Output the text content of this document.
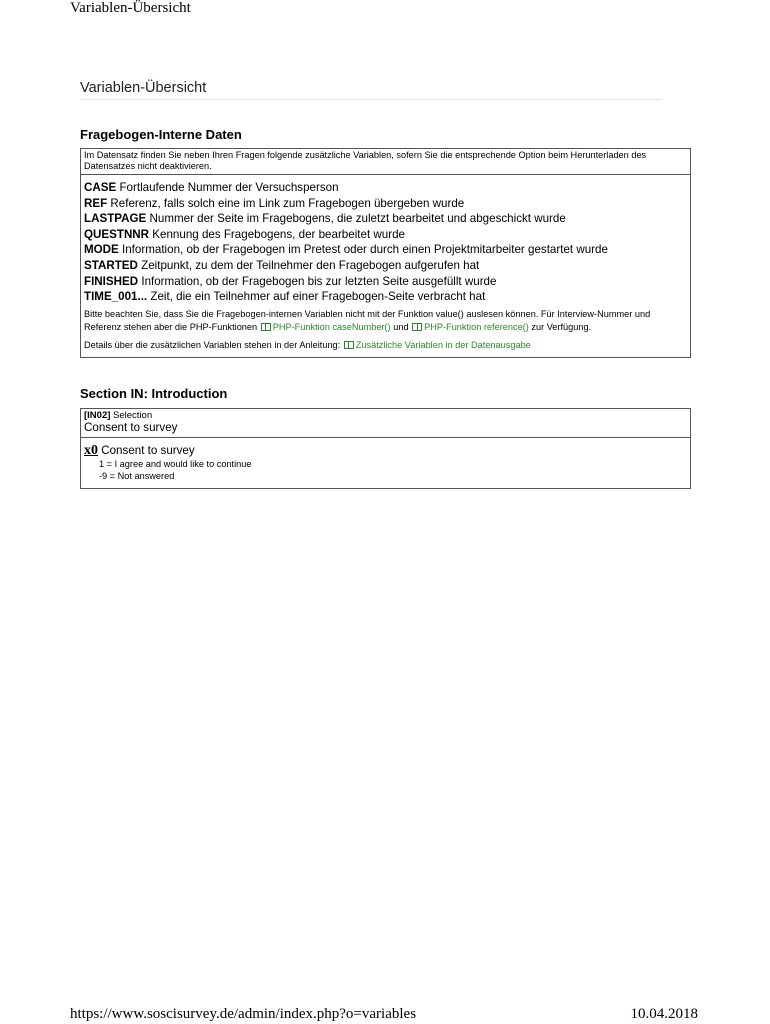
Variablen-Übersicht
Variablen-Übersicht
Fragebogen-Interne Daten
Im Datensatz finden Sie neben Ihren Fragen folgende zusätzliche Variablen, sofern Sie die entsprechende Option beim Herunterladen des Datensatzes nicht deaktivieren.
CASE Fortlaufende Nummer der Versuchsperson
REF Referenz, falls solch eine im Link zum Fragebogen übergeben wurde
LASTPAGE Nummer der Seite im Fragebogens, die zuletzt bearbeitet und abgeschickt wurde
QUESTNNR Kennung des Fragebogens, der bearbeitet wurde
MODE Information, ob der Fragebogen im Pretest oder durch einen Projektmitarbeiter gestartet wurde
STARTED Zeitpunkt, zu dem der Teilnehmer den Fragebogen aufgerufen hat
FINISHED Information, ob der Fragebogen bis zur letzten Seite ausgefüllt wurde
TIME_001... Zeit, die ein Teilnehmer auf einer Fragebogen-Seite verbracht hat
Bitte beachten Sie, dass Sie die Fragebogen-internen Variablen nicht mit der Funktion value() auslesen können. Für Interview-Nummer und Referenz stehen aber die PHP-Funktionen PHP-Funktion caseNumber() und PHP-Funktion reference() zur Verfügung.
Details über die zusätzlichen Variablen stehen in der Anleitung: Zusätzliche Variablen in der Datenausgabe
Section IN: Introduction
[IN02] Selection
Consent to survey
x0 Consent to survey
1 = I agree and would like to continue
-9 = Not answered
https://www.soscisurvey.de/admin/index.php?o=variables	10.04.2018
